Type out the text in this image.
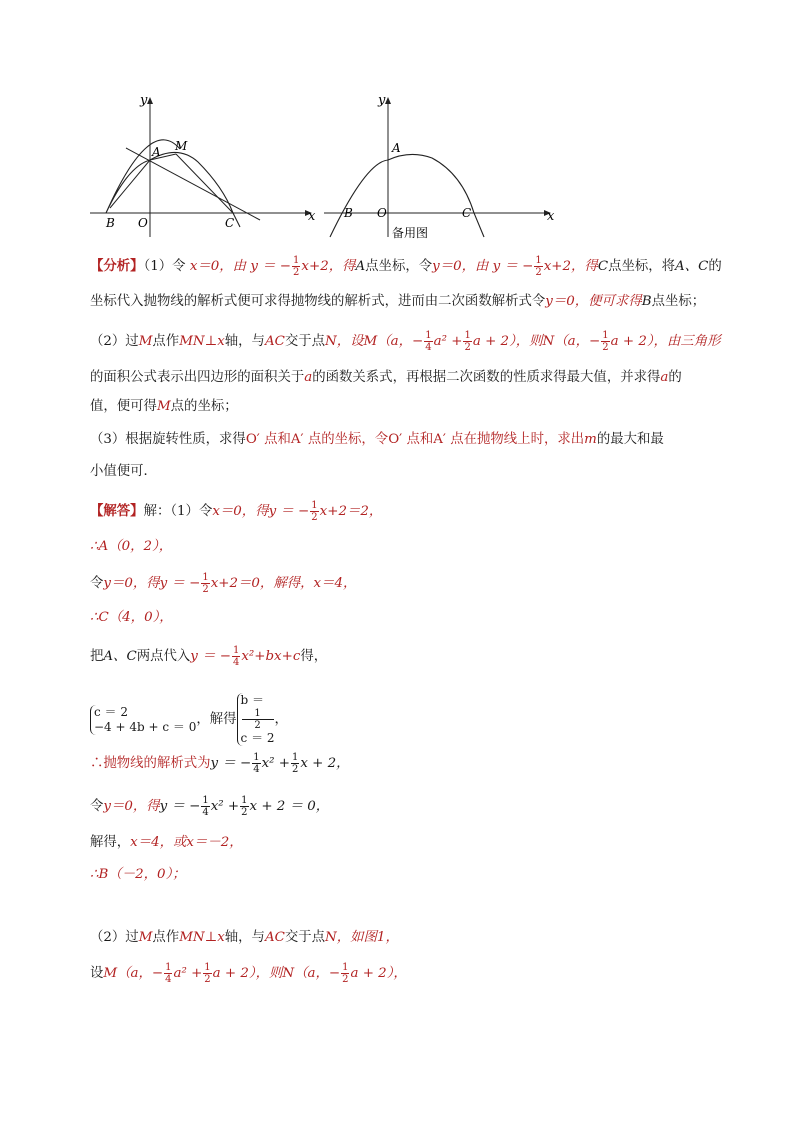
y
x
A M
B O	C
y
x
A
B O	C
备用图
【分析】（1）令 x＝0，由 y ＝ − $\frac{1}{2} x+2$，得A点坐标，令y＝0，由 y ＝ − $\frac{1}{2} x+2$，得C点坐标，将A、C的
坐标代入抛物线的解析式便可求得抛物线的解析式，进而由二次函数解析式令y＝0，便可求得B点坐标；
（2）过M点作MN⊥x轴，与AC交于点N，设M（a，− $\frac{1}{4} a^2 + \frac{1}{2}$ a + 2），则N（a，− $\frac{1}{2}$ a + 2），由三角形
的面积公式表示出四边形的面积关于a的函数关系式，再根据二次函数的性质求得最大值，并求得a的
值，便可得M点的坐标；
（3）根据旋转性质，求得O′ 点和A′ 点的坐标，令O′ 点和A′ 点在抛物线上时，求出m的最大和最
小值便可．
【解答】解：（1）令x＝0，得y ＝ − $\frac{1}{2} x+2=2$，
∴A（0，2），
令y＝0，得y ＝ − $\frac{1}{2} x+2=0$，解得，x＝4，
∴C（4，0），
把A、C两点代入y ＝ − $\frac{1}{4} x^2+bx+c$得，
c ＝ 2
−4 + 4b + c ＝ 0 ，解得
b ＝
1
2
c ＝ 2
，
∴抛物线的解析式为y ＝ − $\frac{1}{4} x^2 + \frac{1}{2}$ x + 2，
令y＝0，得y ＝ − $\frac{1}{4} x^2 + \frac{1}{2}$ x + 2 ＝ 0，
解得，x＝4，或x＝－2，
∴B（－2，0）；
（2）过M点作MN⊥x轴，与AC交于点N，如图1，
设M（a，− $\frac{1}{4} a^2 + \frac{1}{2}$ a + 2），则N（a，− $\frac{1}{2}$ a + 2），
